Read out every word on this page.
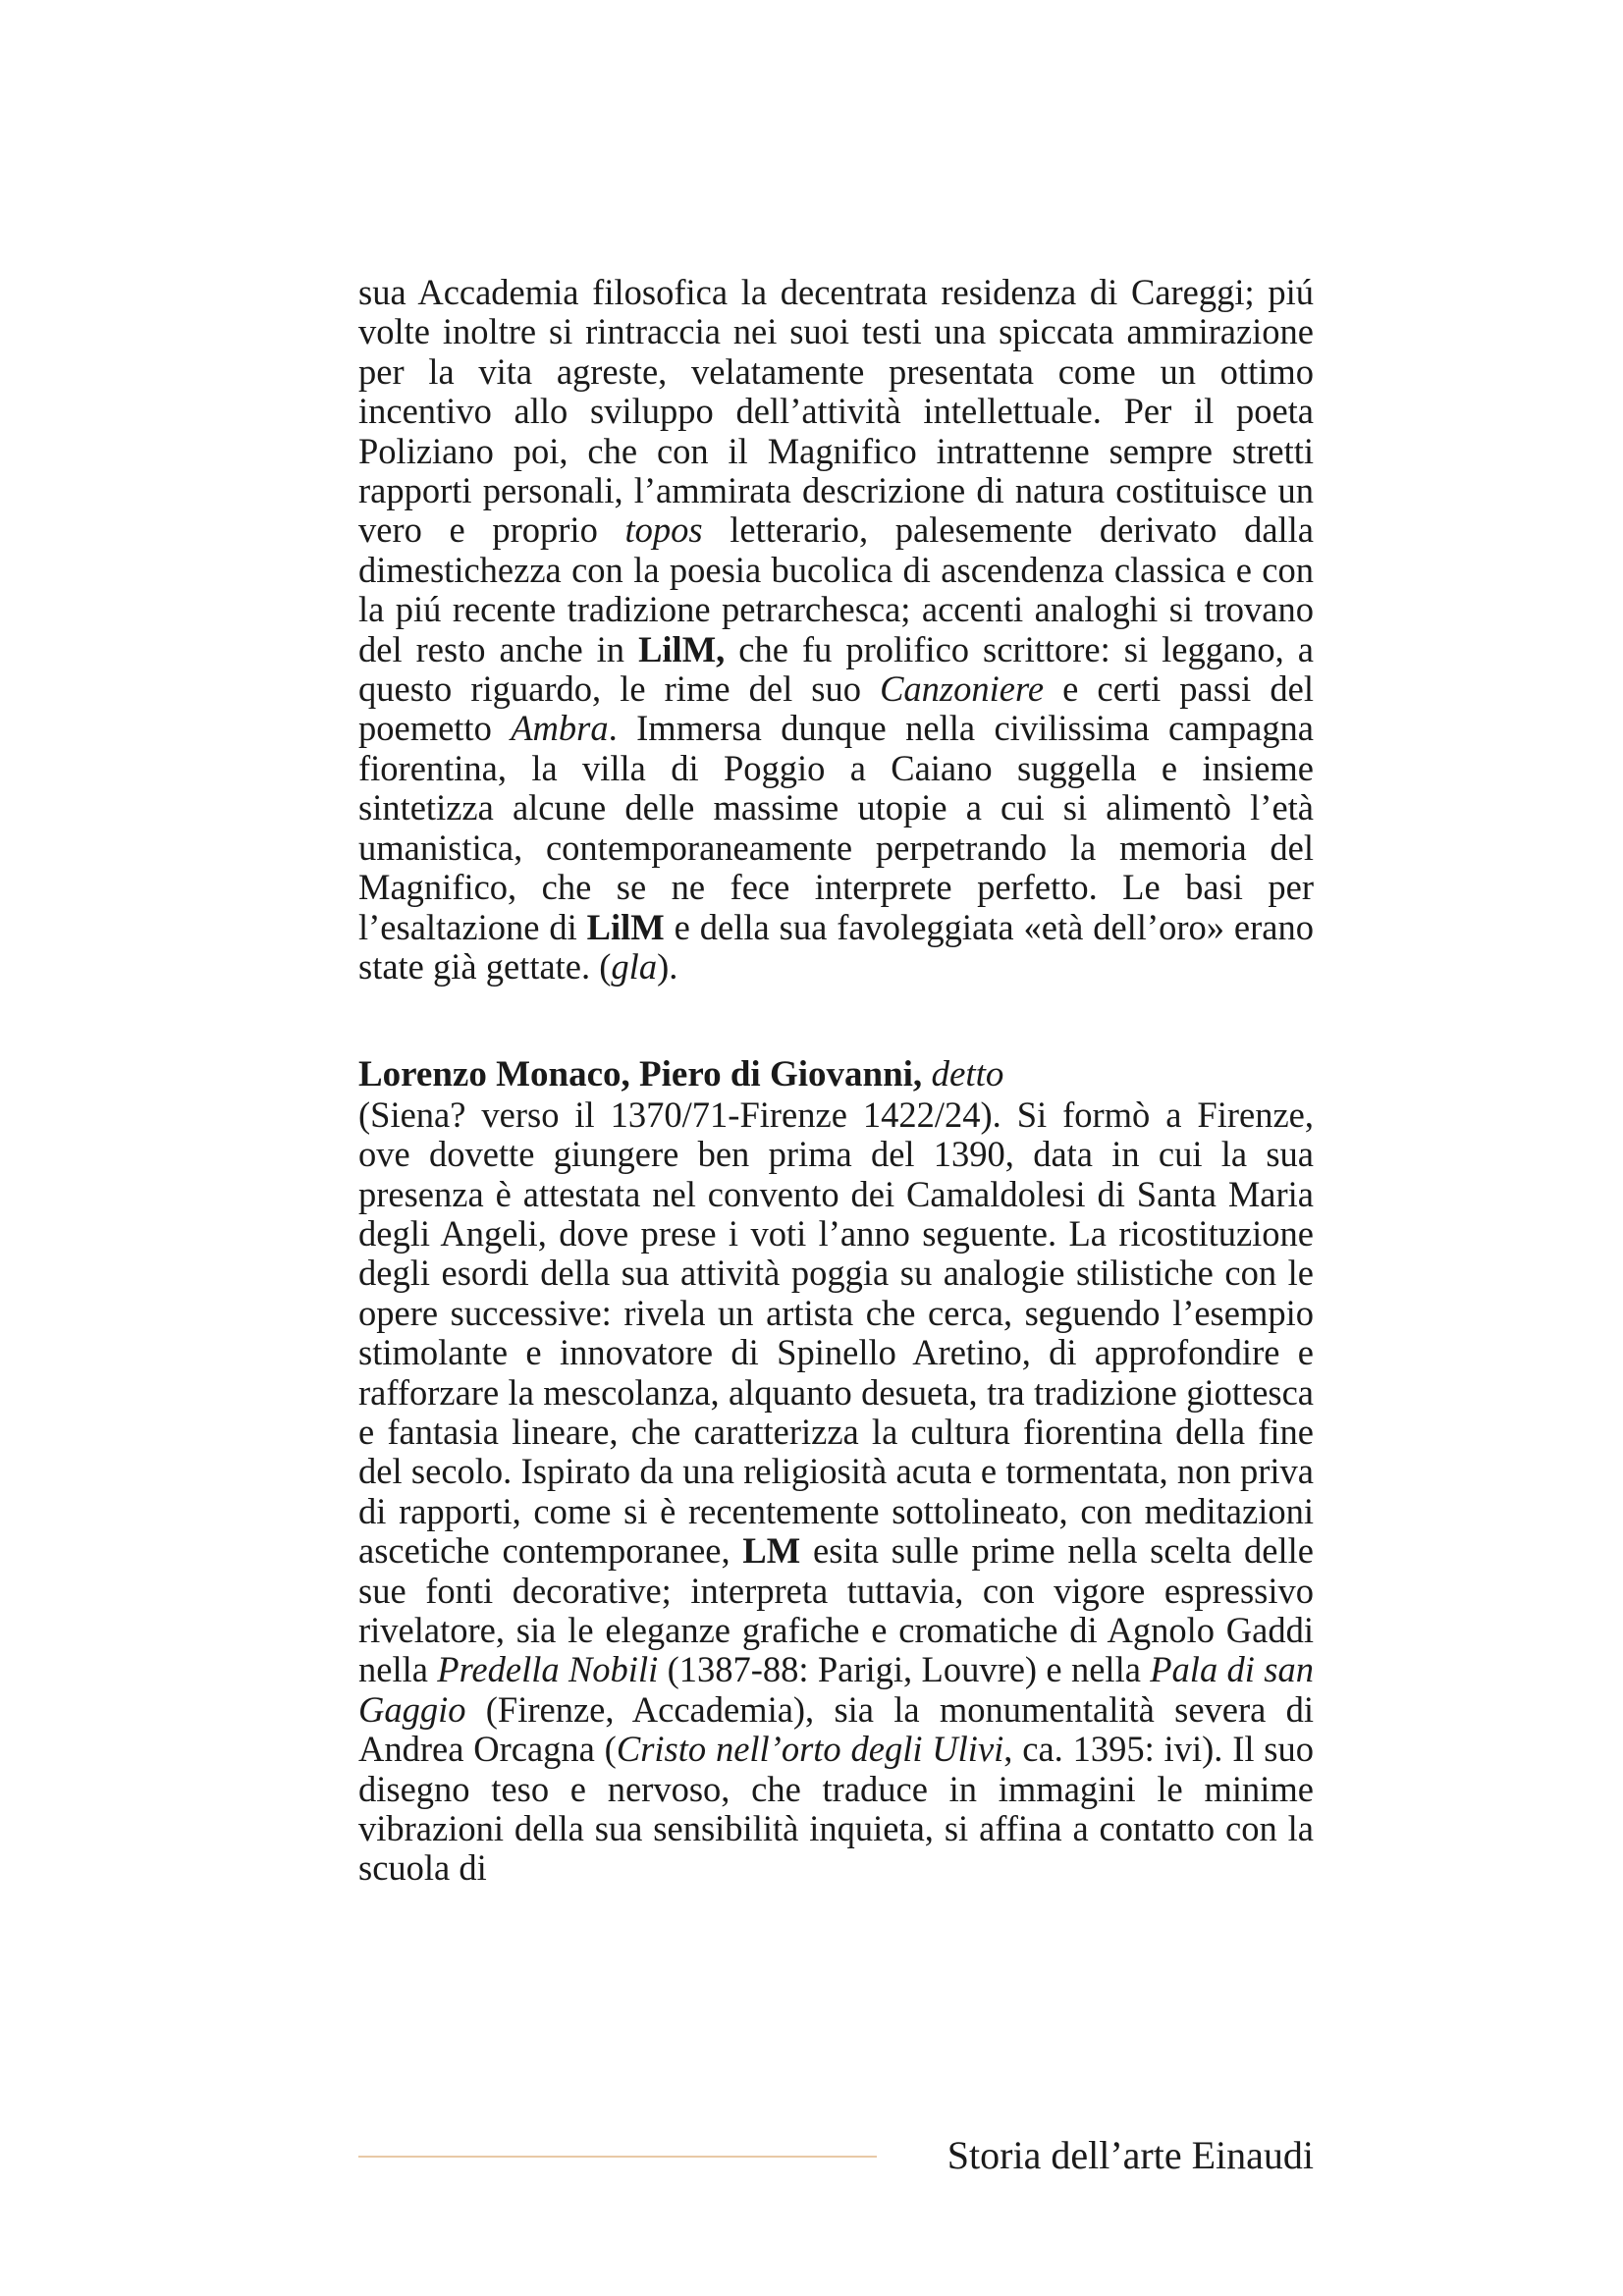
sua Accademia filosofica la decentrata residenza di Careggi; piú volte inoltre si rintraccia nei suoi testi una spiccata ammirazione per la vita agreste, velatamente presentata come un ottimo incentivo allo sviluppo dell’attività intellettuale. Per il poeta Poliziano poi, che con il Magnifico intrattenne sempre stretti rapporti personali, l’ammirata descrizione di natura costituisce un vero e proprio topos letterario, palesemente derivato dalla dimestichezza con la poesia bucolica di ascendenza classica e con la piú recente tradizione petrarchesca; accenti analoghi si trovano del resto anche in LilM, che fu prolifico scrittore: si leggano, a questo riguardo, le rime del suo Canzoniere e certi passi del poemetto Ambra. Immersa dunque nella civilissima campagna fiorentina, la villa di Poggio a Caiano suggella e insieme sintetizza alcune delle massime utopie a cui si alimentò l’età umanistica, contemporaneamente perpetrando la memoria del Magnifico, che se ne fece interprete perfetto. Le basi per l’esaltazione di LilM e della sua favoleggiata «età dell’oro» erano state già gettate. (gla).

Lorenzo Monaco, Piero di Giovanni, detto

(Siena? verso il 1370/71-Firenze 1422/24). Si formò a Firenze, ove dovette giungere ben prima del 1390, data in cui la sua presenza è attestata nel convento dei Camaldolesi di Santa Maria degli Angeli, dove prese i voti l’anno seguente. La ricostituzione degli esordi della sua attività poggia su analogie stilistiche con le opere successive: rivela un artista che cerca, seguendo l’esempio stimolante e innovatore di Spinello Aretino, di approfondire e rafforzare la mescolanza, alquanto desueta, tra tradizione giottesca e fantasia lineare, che caratterizza la cultura fiorentina della fine del secolo. Ispirato da una religiosità acuta e tormentata, non priva di rapporti, come si è recentemente sottolineato, con meditazioni ascetiche contemporanee, LM esita sulle prime nella scelta delle sue fonti decorative; interpreta tuttavia, con vigore espressivo rivelatore, sia le eleganze grafiche e cromatiche di Agnolo Gaddi nella Predella Nobili (1387-88: Parigi, Louvre) e nella Pala di san Gaggio (Firenze, Accademia), sia la monumentalità severa di Andrea Orcagna (Cristo nell’orto degli Ulivi, ca. 1395: ivi). Il suo disegno teso e nervoso, che traduce in immagini le minime vibrazioni della sua sensibilità inquieta, si affina a contatto con la scuola di

Storia dell’arte Einaudi
